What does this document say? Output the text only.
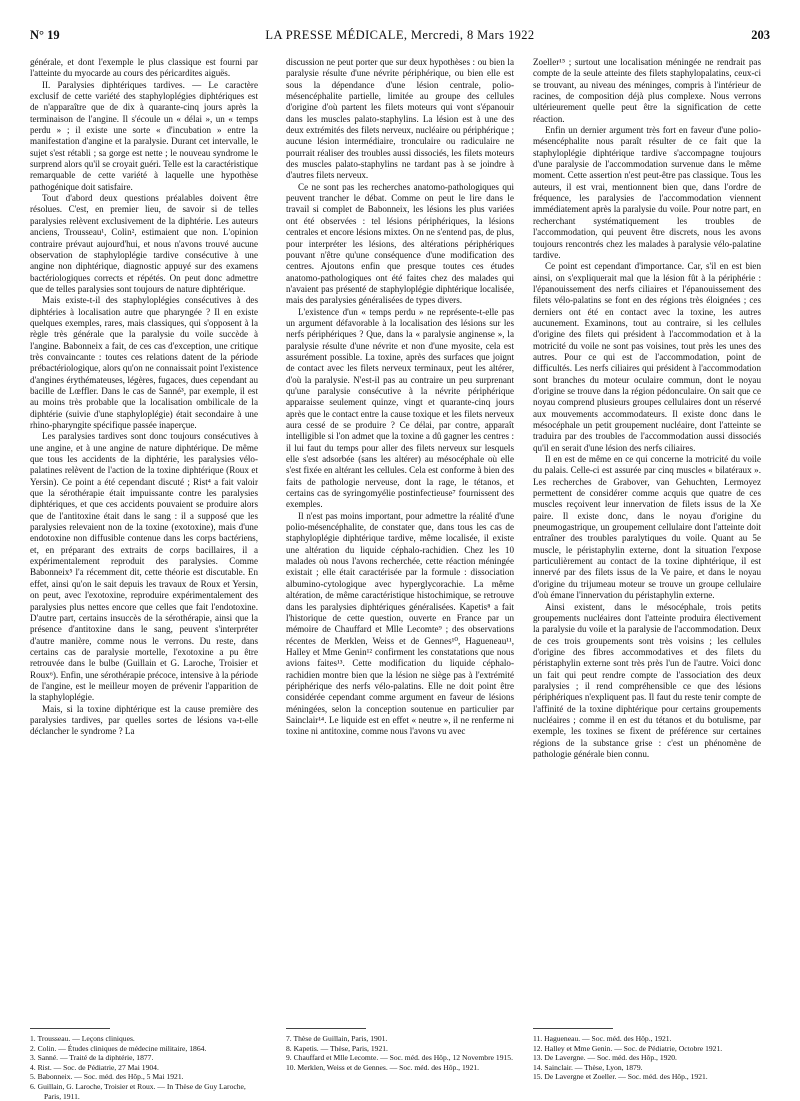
N° 19	LA PRESSE MÉDICALE, Mercredi, 8 Mars 1922	203

générale, et dont l'exemple le plus classique est fourni par l'atteinte du myocarde au cours des péricardites aiguës.

II. Paralysies diphtériques tardives. — Le caractère exclusif de cette variété des staphyloplégies diphtériques est de n'apparaître que de dix à quarante-cinq jours après la terminaison de l'angine. Il s'écoule un « délai », un « temps perdu » ; il existe une sorte « d'incubation » entre la manifestation d'angine et la paralysie. Durant cet intervalle, le sujet s'est rétabli ; sa gorge est nette ; le nouveau syndrome le surprend alors qu'il se croyait guéri. Telle est la caractéristique remarquable de cette variété à laquelle une hypothèse pathogénique doit satisfaire.

Tout d'abord deux questions préalables doivent être résolues. C'est, en premier lieu, de savoir si de telles paralysies relèvent exclusivement de la diphtérie. Les auteurs anciens, Trousseau¹, Colin², estimaient que non. L'opinion contraire prévaut aujourd'hui, et nous n'avons trouvé aucune observation de staphyloplégie tardive consécutive à une angine non diphtérique, diagnostic appuyé sur des examens bactériologiques corrects et répétés. On peut donc admettre que de telles paralysies sont toujours de nature diphtérique.

Mais existe-t-il des staphyloplégies consécutives à des diphtéries à localisation autre que pharyngée ? Il en existe quelques exemples, rares, mais classiques, qui s'opposent à la règle très générale que la paralysie du voile succède à l'angine. Babonneix a fait, de ces cas d'exception, une critique très convaincante : toutes ces relations datent de la période prébactériologique, alors qu'on ne connaissait point l'existence d'angines érythémateuses, légères, fugaces, dues cependant au bacille de Lœffler. Dans le cas de Sanné³, par exemple, il est au moins très probable que la localisation ombilicale de la diphtérie (suivie d'une staphyloplégie) était secondaire à une rhino-pharyngite spécifique passée inaperçue.

Les paralysies tardives sont donc toujours consécutives à une angine, et à une angine de nature diphtérique. De même que tous les accidents de la diphtérie, les paralysies vélo-palatines relèvent de l'action de la toxine diphtérique (Roux et Yersin). Ce point a été cependant discuté ; Rist⁴ a fait valoir que la sérothérapie était impuissante contre les paralysies diphtériques, et que ces accidents pouvaient se produire alors que de l'antitoxine était dans le sang : il a supposé que les paralysies relevaient non de la toxine (exotoxine), mais d'une endotoxine non diffusible contenue dans les corps bactériens, et, en préparant des extraits de corps bacillaires, il a expérimentalement reproduit des paralysies. Comme Babonneix⁵ l'a récemment dit, cette théorie est discutable. En effet, ainsi qu'on le sait depuis les travaux de Roux et Yersin, on peut, avec l'exotoxine, reproduire expérimentalement des paralysies plus nettes encore que celles que fait l'endotoxine. D'autre part, certains insuccès de la sérothérapie, ainsi que la présence d'antitoxine dans le sang, peuvent s'interpréter d'autre manière, comme nous le verrons. Du reste, dans certains cas de paralysie mortelle, l'exotoxine a pu être retrouvée dans le bulbe (Guillain et G. Laroche, Troisier et Roux⁶). Enfin, une sérothérapie précoce, intensive à la période de l'angine, est le meilleur moyen de prévenir l'apparition de la staphyloplégie.

Mais, si la toxine diphtérique est la cause première des paralysies tardives, par quelles sortes de lésions va-t-elle déclancher le syndrome ? La

discussion ne peut porter que sur deux hypothèses : ou bien la paralysie résulte d'une névrite périphérique, ou bien elle est sous la dépendance d'une lésion centrale, polio-mésencéphalite partielle, limitée au groupe des cellules d'origine d'où partent les filets moteurs qui vont s'épanouir dans les muscles palato-staphylins. La lésion est à une des deux extrémités des filets nerveux, nucléaire ou périphérique ; aucune lésion intermédiaire, tronculaire ou radiculaire ne pourrait réaliser des troubles aussi dissociés, les filets moteurs des muscles palato-staphylins ne tardant pas à se joindre à d'autres filets nerveux.

Ce ne sont pas les recherches anatomo-pathologiques qui peuvent trancher le débat. Comme on peut le lire dans le travail si complet de Babonneix, les lésions les plus variées ont été observées : tel lésions périphériques, la lésions centrales et encore lésions mixtes. On ne s'entend pas, de plus, pour interpréter les lésions, des altérations périphériques pouvant n'être qu'une conséquence d'une modification des centres. Ajoutons enfin que presque toutes ces études anatomo-pathologiques ont été faites chez des malades qui n'avaient pas présenté de staphyloplégie diphtérique localisée, mais des paralysies généralisées de types divers.

L'existence d'un « temps perdu » ne représente-t-elle pas un argument défavorable à la localisation des lésions sur les nerfs périphériques ? Que, dans la « paralysie anginense », la paralysie résulte d'une névrite et non d'une myosite, cela est assurément possible. La toxine, après des surfaces que joignt de contact avec les filets nerveux terminaux, peut les altérer, d'où la paralysie. N'est-il pas au contraire un peu surprenant qu'une paralysie consécutive à la névrite périphérique apparaisse seulement quinze, vingt et quarante-cinq jours après que le contact entre la cause toxique et les filets nerveux aura cessé de se produire ? Ce délai, par contre, apparaît intelligible si l'on admet que la toxine a dû gagner les centres : il lui faut du temps pour aller des filets nerveux sur lesquels elle s'est adsorbée (sans les altérer) au mésocéphale où elle s'est fixée en altérant les cellules. Cela est conforme à bien des faits de pathologie nerveuse, dont la rage, le tétanos, et certains cas de syringomyélie postinfectieuse⁷ fournissent des exemples.

Il n'est pas moins important, pour admettre la réalité d'une polio-mésencéphalite, de constater que, dans tous les cas de staphyloplégie diphtérique tardive, même localisée, il existe une altération du liquide céphalo-rachidien. Chez les 10 malades où nous l'avons recherchée, cette réaction méningée existait ; elle était caractérisée par la formule : dissociation albumino-cytologique avec hyperglycorachie. La même altération, de même caractéristique histochimique, se retrouve dans les paralysies diphtériques généralisées. Kapetis⁸ a fait l'historique de cette question, ouverte en France par un mémoire de Chauffard et Mlle Lecomte⁹ ; des observations récentes de Merklen, Weiss et de Gennes¹⁰, Hagueneau¹¹, Halley et Mme Genin¹² confirment les constatations que nous avions faites¹³. Cette modification du liquide céphalo-rachidien montre bien que la lésion ne siège pas à l'extrémité périphérique des nerfs vélo-palatins. Elle ne doit point être considérée cependant comme argument en faveur de lésions méningées, selon la conception soutenue en particulier par Sainclair¹⁴. Le liquide est en effet « neutre », il ne renferme ni toxine ni antitoxine, comme nous l'avons vu avec

Zoeller¹⁵ ; surtout une localisation méningée ne rendrait pas compte de la seule atteinte des filets staphylopalatins, ceux-ci se trouvant, au niveau des méninges, compris à l'intérieur de racines, de composition déjà plus complexe. Nous verrons ultérieurement quelle peut être la signification de cette réaction.

Enfin un dernier argument très fort en faveur d'une polio-mésencéphalite nous paraît résulter de ce fait que la staphyloplégie diphtérique tardive s'accompagne toujours d'une paralysie de l'accommodation survenue dans le même moment. Cette assertion n'est peut-être pas classique. Tous les auteurs, il est vrai, mentionnent bien que, dans l'ordre de fréquence, les paralysies de l'accommodation viennent immédiatement après la paralysie du voile. Pour notre part, en recherchant systématiquement les troubles de l'accommodation, qui peuvent être discrets, nous les avons toujours rencontrés chez les malades à paralysie vélo-palatine tardive.

Ce point est cependant d'importance. Car, s'il en est bien ainsi, on s'expliquerait mal que la lésion fût à la périphérie : l'épanouissement des nerfs ciliaires et l'épanouissement des filets vélo-palatins se font en des régions très éloignées ; ces derniers ont été en contact avec la toxine, les autres aucunement. Examinons, tout au contraire, si les cellules d'origine des filets qui président à l'accommodation et à la motricité du voile ne sont pas voisines, tout près les unes des autres. Pour ce qui est de l'accommodation, point de difficultés. Les nerfs ciliaires qui président à l'accommodation sont branches du moteur oculaire commun, dont le noyau d'origine se trouve dans la région pédonculaire. On sait que ce noyau comprend plusieurs groupes cellulaires dont un réservé aux mouvements accommodateurs. Il existe donc dans le mésocéphale un petit groupement nucléaire, dont l'atteinte se traduira par des troubles de l'accommodation aussi dissociés qu'il en serait d'une lésion des nerfs ciliaires.

Il en est de même en ce qui concerne la motricité du voile du palais. Celle-ci est assurée par cinq muscles « bilatéraux ». Les recherches de Grabover, van Gehuchten, Lermoyez permettent de considérer comme acquis que quatre de ces muscles reçoivent leur innervation de filets issus de la Xe paire. Il existe donc, dans le noyau d'origine du pneumogastrique, un groupement cellulaire dont l'atteinte doit entraîner des troubles paralytiques du voile. Quant au 5e muscle, le péristaphylin externe, dont la situation l'expose particulièrement au contact de la toxine diphtérique, il est innervé par des filets issus de la Ve paire, et dans le noyau d'origine du trijumeau moteur se trouve un groupe cellulaire d'où émane l'innervation du péristaphylin externe.

Ainsi existent, dans le mésocéphale, trois petits groupements nucléaires dont l'atteinte produira électivement la paralysie du voile et la paralysie de l'accommodation. Deux de ces trois groupements sont très voisins ; les cellules d'origine des fibres accommodatives et des filets du péristaphylin externe sont très près l'un de l'autre. Voici donc un fait qui peut rendre compte de l'association des deux paralysies ; il rend compréhensible ce que des lésions périphériques n'expliquent pas. Il faut du reste tenir compte de l'affinité de la toxine diphtérique pour certains groupements nucléaires ; comme il en est du tétanos et du botulisme, par exemple, les toxines se fixent de préférence sur certaines régions de la substance grise : c'est un phénomène de pathologie générale bien connu.

1. Trousseau. — Leçons cliniques.
2. Colin. — Études cliniques de médecine militaire, 1864.
3. Sanné. — Traité de la diphtérie, 1877.
4. Rist. — Soc. de Pédiatrie, 27 Mai 1904.
5. Babonneix. — Soc. méd. des Hôp., 5 Mai 1921.
6. Guillain, G. Laroche, Troisier et Roux. — In Thèse de Guy Laroche, Paris, 1911.
7. Thèse de Guillain, Paris, 1901.
8. Kapetis. — Thèse, Paris, 1921.
9. Chauffard et Mlle Lecomte. — Soc. méd. des Hôp., 12 Novembre 1915.
10. Merklen, Weiss et de Gennes. — Soc. méd. des Hôp., 1921.
11. Hagueneau. — Soc. méd. des Hôp., 1921.
12. Halley et Mme Genin. — Soc. de Pédiatrie, Octobre 1921.
13. De Lavergne. — Soc. méd. des Hôp., 1920.
14. Sainclair. — Thèse, Lyon, 1879.
15. De Lavergne et Zoeller. — Soc. méd. des Hôp., 1921.
